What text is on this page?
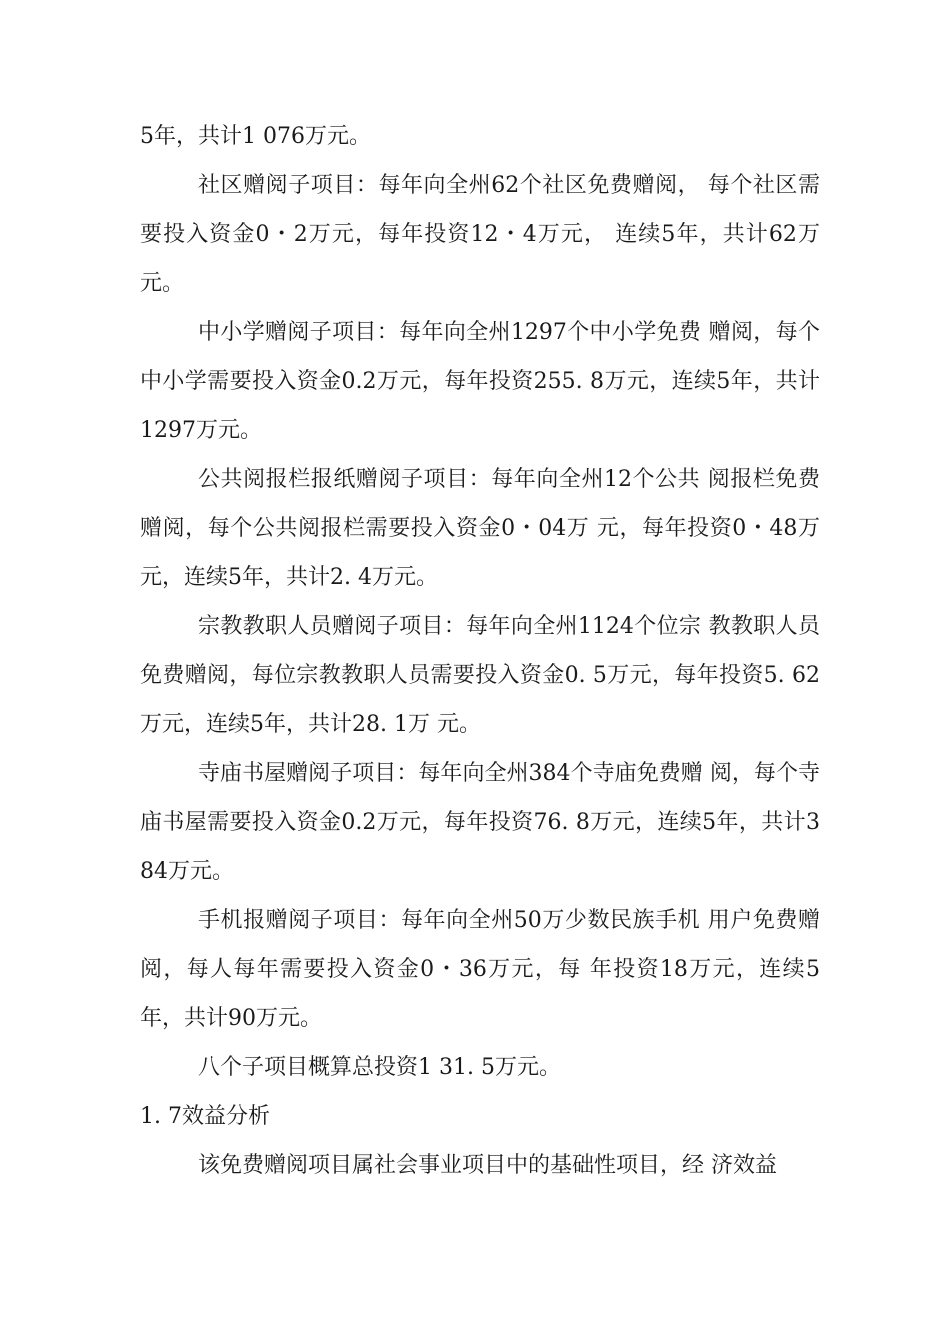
5年，共计1 076万元。

社区赠阅子项目：每年向全州62个社区免费赠阅， 每个社区需要投入资金0・2万元，每年投资12・4万元， 连续5年，共计62万元。

中小学赠阅子项目：每年向全州1297个中小学免费 赠阅，每个中小学需要投入资金0.2万元，每年投资255. 8万元，连续5年，共计1297万元。

公共阅报栏报纸赠阅子项目：每年向全州12个公共 阅报栏免费赠阅，每个公共阅报栏需要投入资金0・04万 元，每年投资0・48万元，连续5年，共计2. 4万元。

宗教教职人员赠阅子项目：每年向全州1124个位宗 教教职人员免费赠阅，每位宗教教职人员需要投入资金0. 5万元，每年投资5. 62万元，连续5年，共计28. 1万 元。

寺庙书屋赠阅子项目：每年向全州384个寺庙免费赠 阅，每个寺庙书屋需要投入资金0.2万元，每年投资76. 8万元，连续5年，共计384万元。

手机报赠阅子项目：每年向全州50万少数民族手机 用户免费赠阅，每人每年需要投入资金0・36万元，每 年投资18万元，连续5年，共计90万元。

八个子项目概算总投资1 31. 5万元。

1. 7效益分析

该免费赠阅项目属社会事业项目中的基础性项目，经 济效益
